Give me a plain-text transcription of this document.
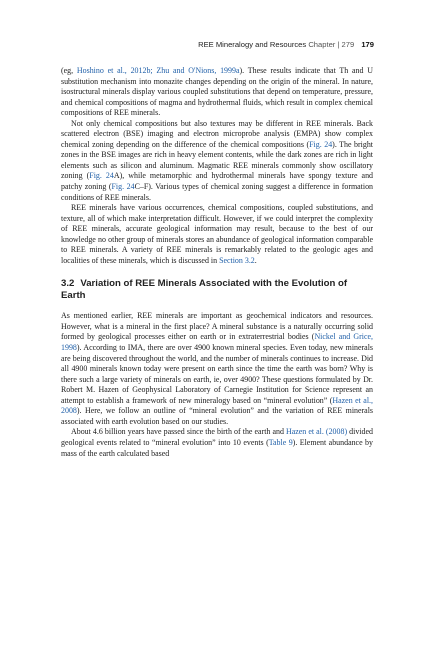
REE Mineralogy and Resources Chapter | 279 179

(eg, Hoshino et al., 2012b; Zhu and O'Nions, 1999a). These results indicate that Th and U substitution mechanism into monazite changes depending on the origin of the mineral. In nature, isostructural minerals display various coupled substitutions that depend on temperature, pressure, and chemical compositions of magma and hydrothermal fluids, which result in complex chemical compositions of REE minerals.

Not only chemical compositions but also textures may be different in REE minerals. Back scattered electron (BSE) imaging and electron microprobe analysis (EMPA) show complex chemical zoning depending on the difference of the chemical compositions (Fig. 24). The bright zones in the BSE images are rich in heavy element contents, while the dark zones are rich in light elements such as silicon and aluminum. Magmatic REE minerals commonly show oscillatory zoning (Fig. 24A), while metamorphic and hydrothermal minerals have spongy texture and patchy zoning (Fig. 24C–F). Various types of chemical zoning suggest a difference in formation conditions of REE minerals.

REE minerals have various occurrences, chemical compositions, coupled substitutions, and texture, all of which make interpretation difficult. However, if we could interpret the complexity of REE minerals, accurate geological information may result, because to the best of our knowledge no other group of minerals stores an abundance of geological information comparable to REE minerals. A variety of REE minerals is remarkably related to the geologic ages and localities of these minerals, which is discussed in Section 3.2.

3.2 Variation of REE Minerals Associated with the Evolution of Earth

As mentioned earlier, REE minerals are important as geochemical indicators and resources. However, what is a mineral in the first place? A mineral substance is a naturally occurring solid formed by geological processes either on earth or in extraterrestrial bodies (Nickel and Grice, 1998). According to IMA, there are over 4900 known mineral species. Even today, new minerals are being discovered throughout the world, and the number of minerals continues to increase. Did all 4900 minerals known today were present on earth since the time the earth was born? Why is there such a large variety of minerals on earth, ie, over 4900? These questions formulated by Dr. Robert M. Hazen of Geophysical Laboratory of Carnegie Institution for Science represent an attempt to establish a framework of new mineralogy based on “mineral evolution” (Hazen et al., 2008). Here, we follow an outline of “mineral evolution” and the variation of REE minerals associated with earth evolution based on our studies.

About 4.6 billion years have passed since the birth of the earth and Hazen et al. (2008) divided geological events related to “mineral evolution” into 10 events (Table 9). Element abundance by mass of the earth calculated based
